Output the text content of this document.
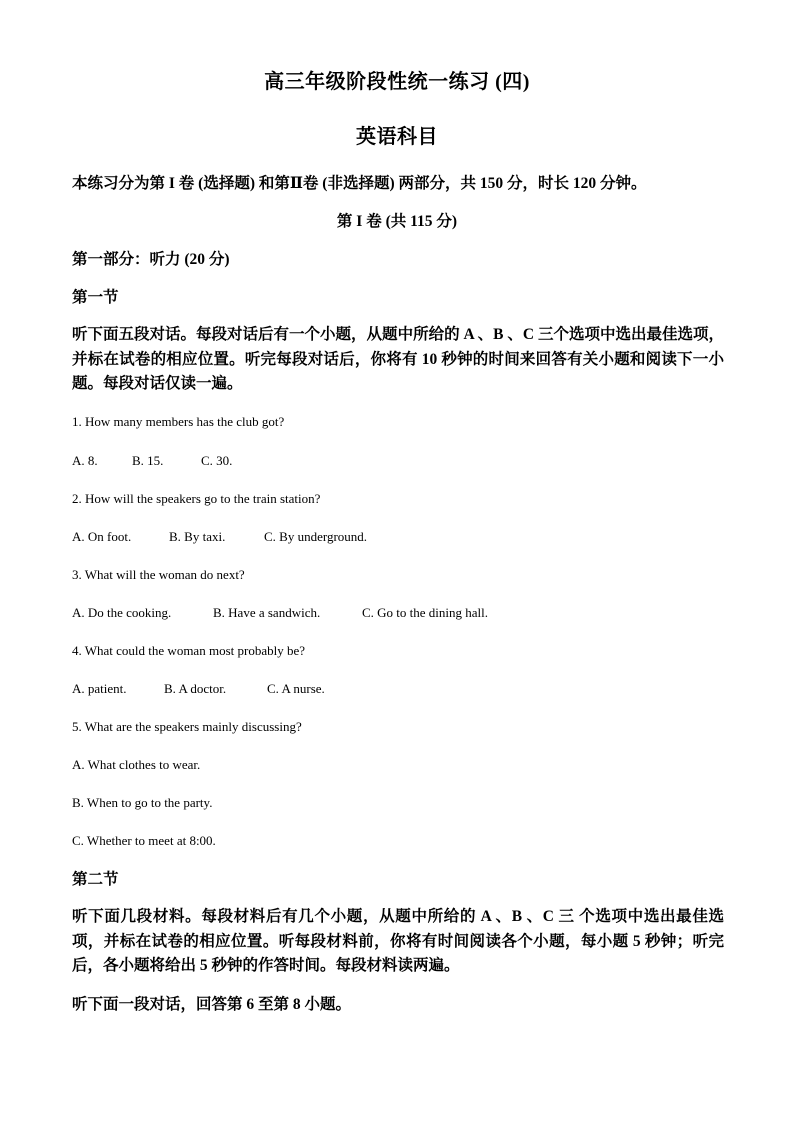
高三年级阶段性统一练习 (四)
英语科目
本练习分为第 I 卷 (选择题) 和第Ⅱ卷 (非选择题) 两部分，共 150 分，时长 120 分钟。
第 I 卷 (共 115 分)
第一部分：听力 (20 分)
第一节
听下面五段对话。每段对话后有一个小题，从题中所给的 A 、B 、C 三个选项中选出最佳选项，并标在试卷的相应位置。听完每段对话后，你将有 10 秒钟的时间来回答有关小题和阅读下一小题。每段对话仅读一遍。
1. How many members has the club got?
A. 8.	B. 15.	C. 30.
2. How will the speakers go to the train station?
A. On foot.	B. By taxi.	C. By underground.
3. What will the woman do next?
A. Do the cooking.	B. Have a sandwich.	C. Go to the dining hall.
4. What could the woman most probably be?
A. patient.	B. A doctor.	C. A nurse.
5. What are the speakers mainly discussing?
A. What clothes to wear.
B. When to go to the party.
C. Whether to meet at 8:00.
第二节
听下面几段材料。每段材料后有几个小题，从题中所给的 A 、B 、C 三 个选项中选出最佳选项，并标在试卷的相应位置。听每段材料前，你将有时间阅读各个小题，每小题 5 秒钟；听完后，各小题将给出 5 秒钟的作答时间。每段材料读两遍。
听下面一段对话，回答第 6 至第 8 小题。
